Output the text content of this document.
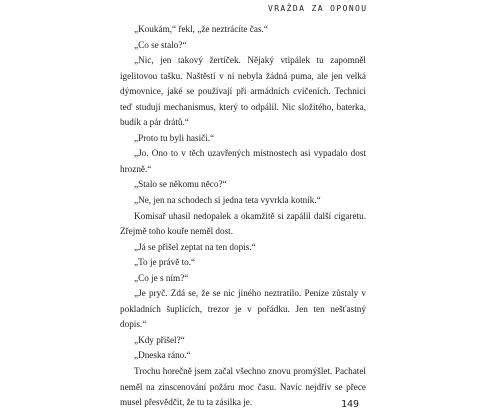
VRAŽDA ZA OPONOU

„Koukám,“ řekl, „že neztrácíte čas.“

„Co se stalo?“

„Nic, jen takový žertíček. Nějaký vtipálek tu zapomněl igelitovou tašku. Naštěstí v ní nebyla žádná puma, ale jen velká dýmovnice, jaké se používají při armádních cvičeních. Technici teď studují mechanismus, který to odpálil. Nic složitého, baterka, budík a pár drátů.“

„Proto tu byli hasiči.“

„Jo. Ono to v těch uzavřených místnostech asi vypadalo dost hrozně.“

„Stalo se někomu něco?“

„Ne, jen na schodech si jedna teta vyvrkla kotník.“

Komisař uhasil nedopalek a okamžitě si zapálil další cigaretu. Zřejmě toho kouře neměl dost.

„Já se přišel zeptat na ten dopis.“

„To je právě to.“

„Co je s ním?“

„Je pryč. Zdá se, že se nic jiného neztratilo. Peníze zůstaly v pokladních šuplících, trezor je v pořádku. Jen ten nešťastný dopis.“

„Kdy přišel?“

„Dneska ráno.“

Trochu horečně jsem začal všechno znovu promýšlet. Pachatel neměl na zinscenování požáru moc času. Navíc nejdřív se přece musel přesvědčit, že tu ta zásilka je.	149
